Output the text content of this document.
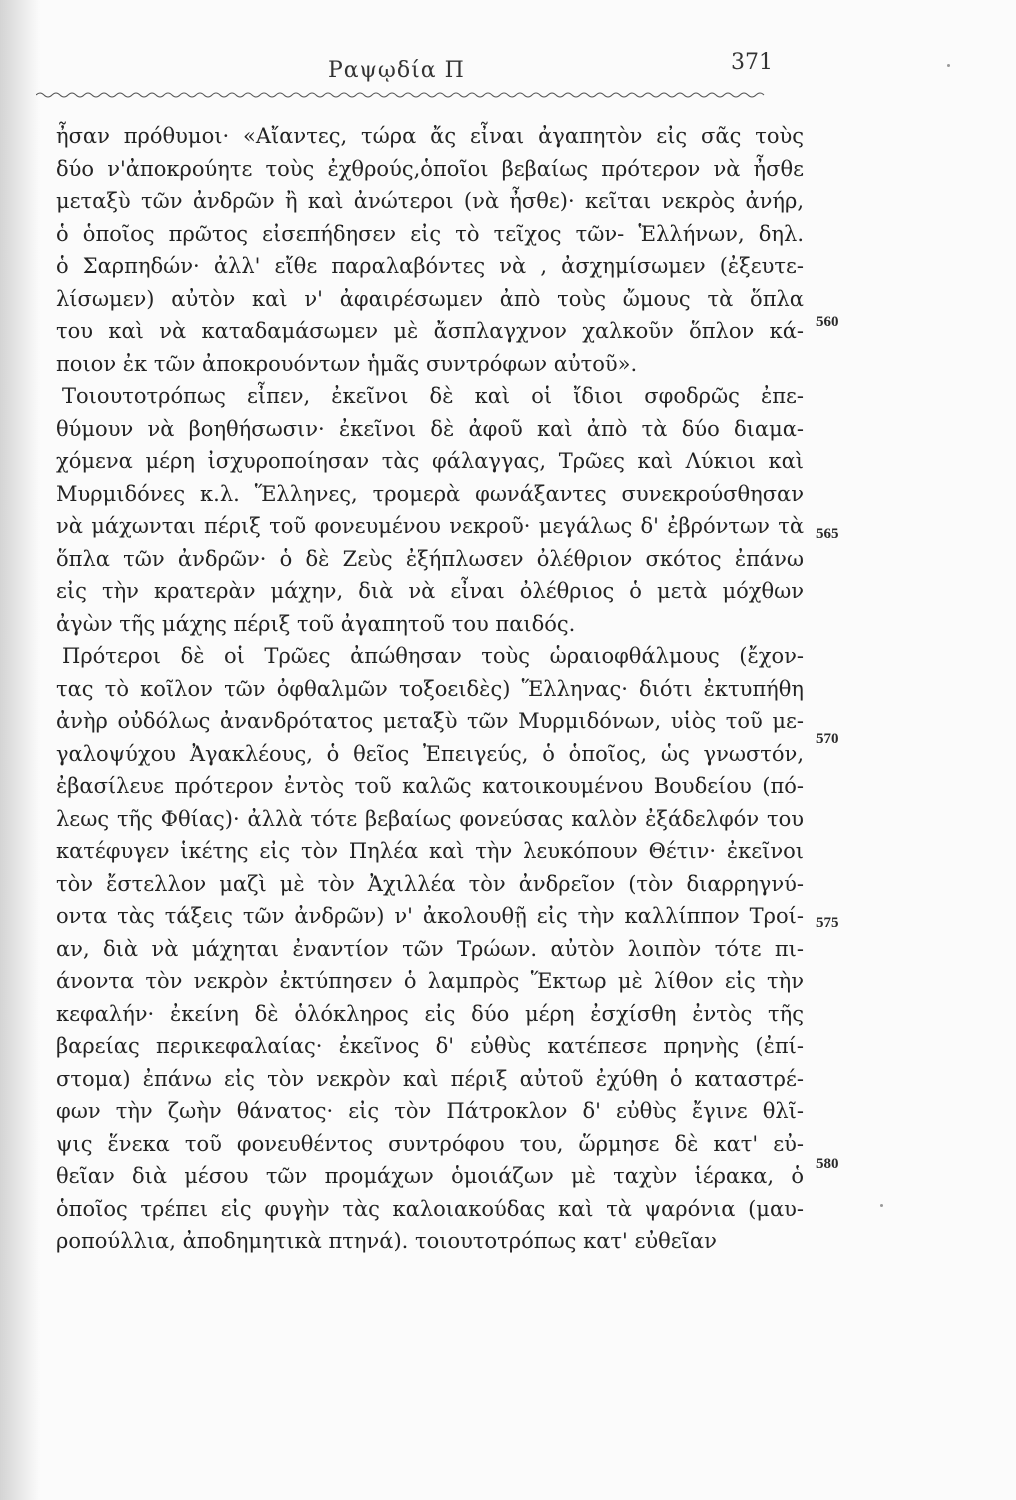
Ραψῳδία Π	371
ἦσαν πρόθυμοι· «Αἴαντες, τώρα ἄς εἶναι ἀγαπητὸν εἰς σᾶς τοὺς
δύο ν'ἀποκρούητε τοὺς ἐχθρούς,ὁποῖοι βεβαίως πρότερον νὰ ἦσθε
μεταξὺ τῶν ἀνδρῶν ἢ καὶ ἀνώτεροι (νὰ ἦσθε)· κεῖται νεκρὸς ἀνήρ,
ὁ ὁποῖος πρῶτος εἰσεπήδησεν εἰς τὸ τεῖχος τῶν- Ἑλλήνων, δηλ.
ὁ Σαρπηδών· ἀλλ' εἴθε παραλαβόντες νὰ , ἀσχημίσωμεν (ἐξευτε-
λίσωμεν) αὐτὸν καὶ ν' ἀφαιρέσωμεν ἀπὸ τοὺς ὤμους τὰ ὅπλα
του καὶ νὰ καταδαμάσωμεν μὲ ἄσπλαγχνον χαλκοῦν ὅπλον κά-
ποιον ἐκ τῶν ἀποκρουόντων ἡμᾶς συντρόφων αὐτοῦ».
Τοιουτοτρόπως εἶπεν, ἐκεῖνοι δὲ καὶ οἱ ἴδιοι σφοδρῶς ἐπε-
θύμουν νὰ βοηθήσωσιν· ἐκεῖνοι δὲ ἀφοῦ καὶ ἀπὸ τὰ δύο διαμα-
χόμενα μέρη ἰσχυροποίησαν τὰς φάλαγγας, Τρῶες καὶ Λύκιοι καὶ
Μυρμιδόνες κ.λ. Ἕλληνες, τρομερὰ φωνάξαντες συνεκρούσθησαν
νὰ μάχωνται πέριξ τοῦ φονευμένου νεκροῦ· μεγάλως δ' ἐβρόντων τὰ
ὅπλα τῶν ἀνδρῶν· ὁ δὲ Ζεὺς ἐξήπλωσεν ὀλέθριον σκότος ἐπάνω
εἰς τὴν κρατερὰν μάχην, διὰ νὰ εἶναι ὀλέθριος ὁ μετὰ μόχθων
ἀγὼν τῆς μάχης πέριξ τοῦ ἀγαπητοῦ του παιδός.
Πρότεροι δὲ οἱ Τρῶες ἀπώθησαν τοὺς ὡραιοφθάλμους (ἔχον-
τας τὸ κοῖλον τῶν ὀφθαλμῶν τοξοειδὲς) Ἕλληνας· διότι ἐκτυπήθη
ἀνὴρ οὐδόλως ἀνανδρότατος μεταξὺ τῶν Μυρμιδόνων, υἱὸς τοῦ με-
γαλοψύχου Ἀγακλέους, ὁ θεῖος Ἐπειγεύς, ὁ ὁποῖος, ὡς γνωστόν,
ἐβασίλευε πρότερον ἐντὸς τοῦ καλῶς κατοικουμένου Βουδείου (πό-
λεως τῆς Φθίας)· ἀλλὰ τότε βεβαίως φονεύσας καλὸν ἐξάδελφόν του
κατέφυγεν ἱκέτης εἰς τὸν Πηλέα καὶ τὴν λευκόπουν Θέτιν· ἐκεῖνοι
τὸν ἔστελλον μαζὶ μὲ τὸν Ἀχιλλέα τὸν ἀνδρεῖον (τὸν διαρρηγνύ-
οντα τὰς τάξεις τῶν ἀνδρῶν) ν' ἀκολουθῇ εἰς τὴν καλλίππον Τροί-
αν, διὰ νὰ μάχηται ἐναντίον τῶν Τρώων. αὐτὸν λοιπὸν τότε πι-
άνοντα τὸν νεκρὸν ἐκτύπησεν ὁ λαμπρὸς Ἕκτωρ μὲ λίθον εἰς τὴν
κεφαλήν· ἐκείνη δὲ ὁλόκληρος εἰς δύο μέρη ἐσχίσθη ἐντὸς τῆς
βαρείας περικεφαλαίας· ἐκεῖνος δ' εὐθὺς κατέπεσε πρηνὴς (ἐπί-
στομα) ἐπάνω εἰς τὸν νεκρὸν καὶ πέριξ αὐτοῦ ἐχύθη ὁ καταστρέ-
φων τὴν ζωὴν θάνατος· εἰς τὸν Πάτροκλον δ' εὐθὺς ἔγινε θλῖ-
ψις ἕνεκα τοῦ φονευθέντος συντρόφου του, ὥρμησε δὲ κατ' εὐ-
θεῖαν διὰ μέσου τῶν προμάχων ὁμοιάζων μὲ ταχὺν ἱέρακα, ὁ
ὁποῖος τρέπει εἰς φυγὴν τὰς καλοιακούδας καὶ τὰ ψαρόνια (μαυ-
ροπούλλια, ἀποδημητικὰ πτηνά). τοιουτοτρόπως κατ' εὐθεῖαν
560
565
570
575
580
